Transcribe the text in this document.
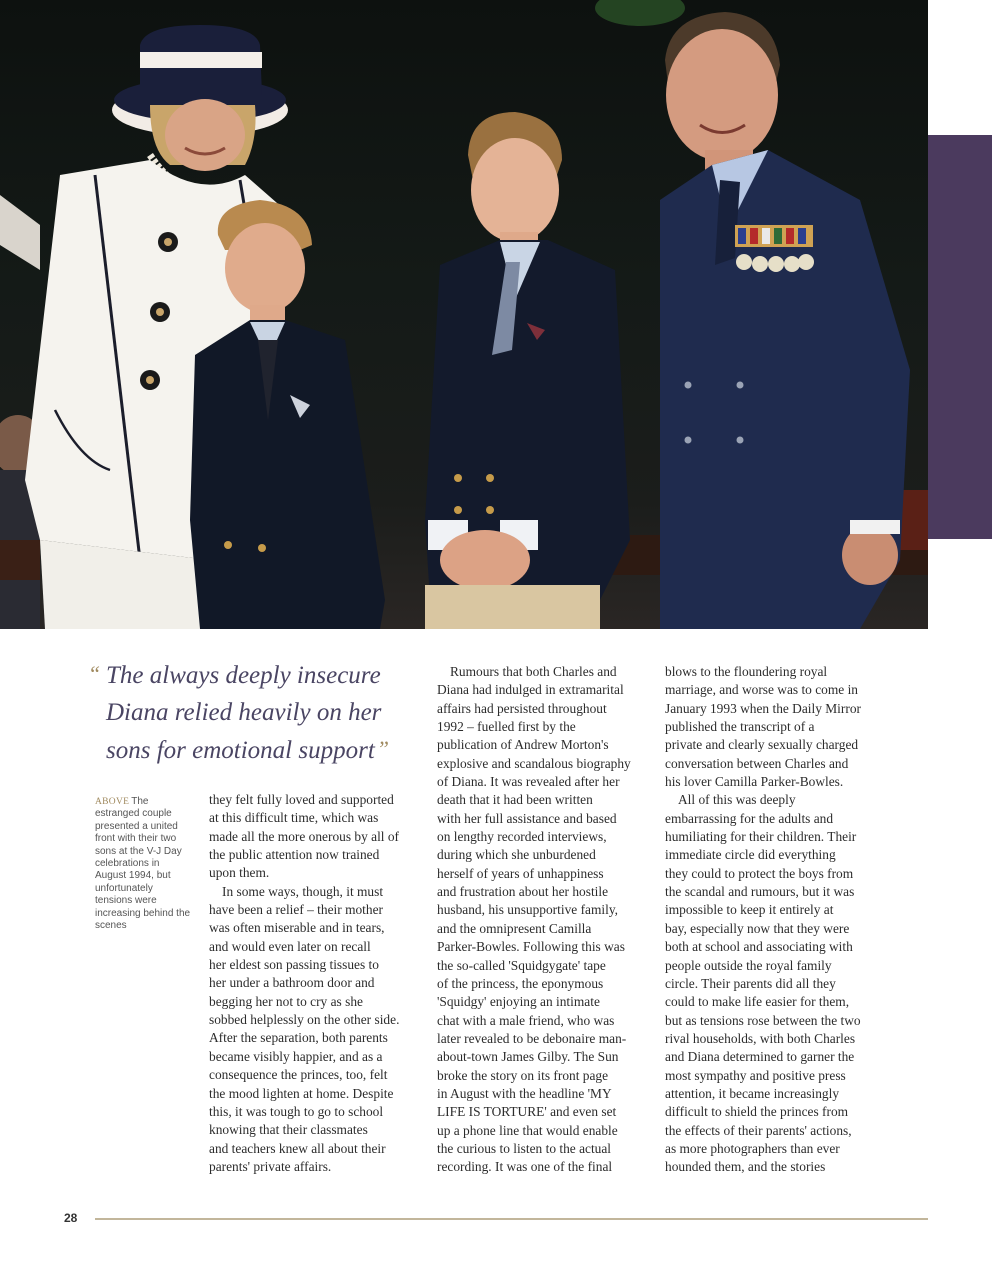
“ The always deeply insecure
Diana relied heavily on her
sons for emotional support”
ABOVE The estranged couple presented a united front with their two sons at the V-J Day celebrations in August 1994, but unfortunately tensions were increasing behind the scenes
they felt fully loved and supported
at this difficult time, which was
made all the more onerous by all of
the public attention now trained
upon them.
In some ways, though, it must
have been a relief – their mother
was often miserable and in tears,
and would even later on recall
her eldest son passing tissues to
her under a bathroom door and
begging her not to cry as she
sobbed helplessly on the other side.
After the separation, both parents
became visibly happier, and as a
consequence the princes, too, felt
the mood lighten at home. Despite
this, it was tough to go to school
knowing that their classmates
and teachers knew all about their
parents' private affairs.
Rumours that both Charles and
Diana had indulged in extramarital
affairs had persisted throughout
1992 – fuelled first by the
publication of Andrew Morton's
explosive and scandalous biography
of Diana. It was revealed after her
death that it had been written
with her full assistance and based
on lengthy recorded interviews,
during which she unburdened
herself of years of unhappiness
and frustration about her hostile
husband, his unsupportive family,
and the omnipresent Camilla
Parker-Bowles. Following this was
the so-called 'Squidgygate' tape
of the princess, the eponymous
'Squidgy' enjoying an intimate
chat with a male friend, who was
later revealed to be debonaire man-
about-town James Gilby. The Sun
broke the story on its front page
in August with the headline 'MY
LIFE IS TORTURE' and even set
up a phone line that would enable
the curious to listen to the actual
recording. It was one of the final
blows to the floundering royal
marriage, and worse was to come in
January 1993 when the Daily Mirror
published the transcript of a
private and clearly sexually charged
conversation between Charles and
his lover Camilla Parker-Bowles.
All of this was deeply
embarrassing for the adults and
humiliating for their children. Their
immediate circle did everything
they could to protect the boys from
the scandal and rumours, but it was
impossible to keep it entirely at
bay, especially now that they were
both at school and associating with
people outside the royal family
circle. Their parents did all they
could to make life easier for them,
but as tensions rose between the two
rival households, with both Charles
and Diana determined to garner the
most sympathy and positive press
attention, it became increasingly
difficult to shield the princes from
the effects of their parents' actions,
as more photographers than ever
hounded them, and the stories
28
